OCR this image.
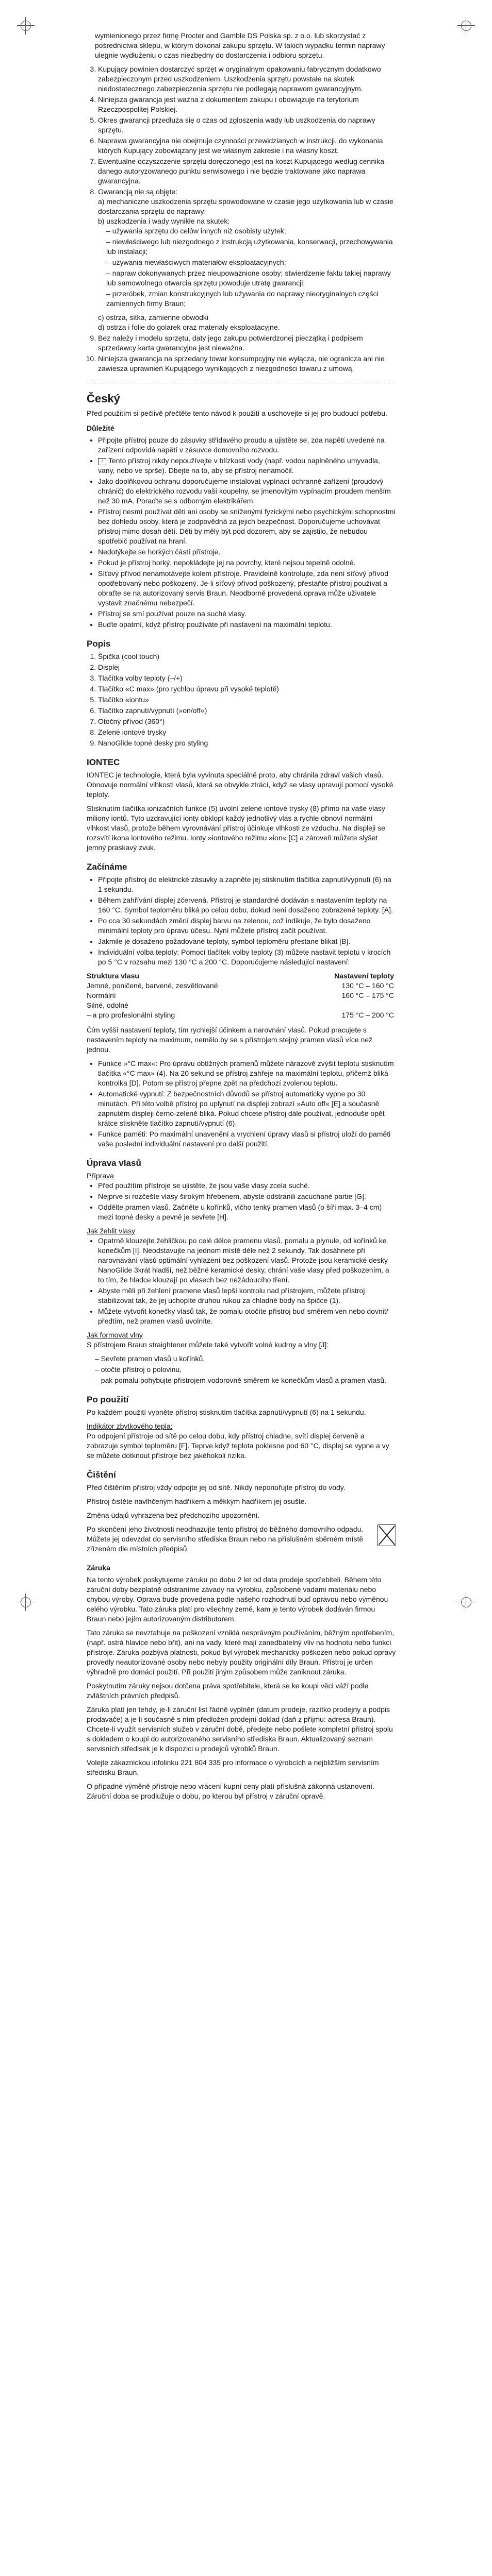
wymienionego przez firmę Procter and Gamble DS Polska sp. z o.o. lub skorzystać z pośrednictwa sklepu, w którym dokonał zakupu sprzętu. W takich wypadku termin naprawy ulegnie wydłużeniu o czas niezbędny do dostarczenia i odbioru sprzętu.

3. Kupujący powinien dostarczyć sprzęt w oryginalnym opakowaniu fabrycznym dodatkowo zabezpieczonym przed uszkodzeniem. Uszkodzenia sprzętu powstałe na skutek niedostatecznego zabezpieczenia sprzętu nie podlegają naprawom gwarancyjnym.
4. Niniejsza gwarancja jest ważna z dokumentem zakupu i obowiązuje na terytorium Rzeczpospolitej Polskiej.
5. Okres gwarancji przedłuża się o czas od zgłoszenia wady lub uszkodzenia do naprawy sprzętu.
6. Naprawa gwarancyjna nie obejmuje czynności przewidzianych w instrukcji, do wykonania których Kupujący zobowiązany jest we własnym zakresie i na własny koszt.
7. Ewentualne oczyszczenie sprzętu doręczonego jest na koszt Kupującego według cennika danego autoryzowanego punktu serwisowego i nie będzie traktowane jako naprawa gwarancyjna.
8. Gwarancją nie są objęte:
a) mechaniczne uszkodzenia sprzętu spowodowane w czasie jego użytkowania lub w czasie dostarczania sprzętu do naprawy;
b) uszkodzenia i wady wynikłe na skutek:
– używania sprzętu do celów innych niż osobisty użytek;
– niewłaściwego lub niezgodnego z instrukcją użytkowania, konserwacji, przechowywania lub instalacji;
– używania niewłaściwych materiałów eksploatacyjnych;
– napraw dokonywanych przez nieupoważnione osoby; stwierdzenie faktu takiej naprawy lub samowolnego otwarcia sprzętu powoduje utratę gwarancji;
– przeróbek, zmian konstrukcyjnych lub używania do naprawy nieoryginalnych części zamiennych firmy Braun;
c) ostrza, sitka, zamienne obwódki
d) ostrza i folie do golarek oraz materiały eksploatacyjne.
9. Bez należy i modelu sprzętu, daty jego zakupu potwierdzonej pieczątką i podpisem sprzedawcy karta gwarancyjna jest nieważna.
10. Niniejsza gwarancja na sprzedany towar konsumpcyjny nie wyłącza, nie ogranicza ani nie zawiesza uprawnień Kupującego wynikających z niezgodności towaru z umową.
Český

Před použitím si pečlivě přečtěte tento návod k použití a uschovejte si jej pro budoucí potřebu.

Důležité
• Připojte přístroj pouze do zásuvky střídavého proudu a ujistěte se, zda napětí uvedené na zařízení odpovídá napětí v zásuvce domovního rozvodu.
• ! Tento přístroj nikdy nepoužívejte v blízkosti vody (např. vodou naplněného umyvadla, vany, nebo ve sprše). Dbejte na to, aby se přístroj nenamočil.
• Jako doplňkovou ochranu doporučujeme instalovat vypínací ochranné zařízení (proudový chránič) do elektrického rozvodu vaší koupelny, se jmenovitým vypínacím proudem menším než 30 mA. Poraďte se s odborným elektrikářem.
• Přístroj nesmí používat děti ani osoby se sníženými fyzickými nebo psychickými schopnostmi bez dohledu osoby, která je zodpovědná za jejich bezpečnost. Doporučujeme uchovávat přístroj mimo dosah dětí. Děti by měly být pod dozorem, aby se zajistilo, že nebudou spotřebič používat na hraní.
• Nedotýkejte se horkých částí přístroje.
• Pokud je přístroj horký, nepokládejte jej na povrchy, které nejsou tepelně odolné.
• Síťový přívod nenamotávejte kolem přístroje. Pravidelně kontrolujte, zda není síťový přívod opotřebovaný nebo poškozený. Je-li síťový přívod poškozený, přestaňte přístroj používat a obraťte se na autorizovaný servis Braun. Neodborně provedená oprava může uživatele vystavit značnému nebezpečí.
• Přístroj se smí používat pouze na suché vlasy.
• Buďte opatrní, když přístroj používáte při nastavení na maximální teplotu.
Popis
1. Špička (cool touch)
2. Displej
3. Tlačítka volby teploty (–/+)
4. Tlačítko «C max» (pro rychlou úpravu při vysoké teplotě)
5. Tlačítko «iontu»
6. Tlačítko zapnutí/vypnutí (»on/off«)
7. Otočný přívod (360°)
8. Zelené iontové trysky
9. NanoGlide topné desky pro styling
IONTEC

IONTEC je technologie, která byla vyvinuta speciálně proto, aby chránila zdraví vašich vlasů. Obnovuje normální vlhkosti vlasů, která se obvykle ztrácí, když se vlasy upravují pomocí vysoké teploty.

Stisknutím tlačítka ionizačních funkce (5) uvolní zelené iontové trysky (8) přímo na vaše vlasy miliony iontů. Tyto uzdravující ionty obklopí každý jednotlivý vlas a rychle obnoví normální vlhkost vlasů, protože během vyrovnávání přístroj účinkuje vlhkosti ze vzduchu. Na displeji se rozsvítí ikona iontového režimu. Ionty »iontového režimu »ion« [C] a zároveň můžete slyšet jemný praskavý zvuk.

Začínáme
• Připojte přístroj do elektrické zásuvky a zapněte jej stisknutím tlačítka zapnutí/vypnutí (6) na 1 sekundu.
• Během zahřívání displej zčervená. Přístroj je standardně dodáván s nastavením teploty na 160 °C. Symbol teploměru bliká po celou dobu, dokud není dosaženo zobrazené teploty. [A].
• Po cca 30 sekundách změní displej barvu na zelenou, což indikuje, že bylo dosaženo minimální teploty pro úpravu účesu. Nyní můžete přístroj začít používat.
• Jakmile je dosaženo požadované teploty, symbol teploměru přestane blikat [B].
• Individuální volba teploty: Pomocí tlačítek volby teploty (3) můžete nastavit teplotu v krocích po 5 °C v rozsahu mezi 130 °C a 200 °C. Doporučujeme následující nastavení:
Struktura vlasu	Nastavení teploty
Jemné, poničené, barvené, zesvětlované	130 °C – 160 °C
Normální	160 °C – 175 °C
Silné, odolné	
– a pro profesionální styling	175 °C – 200 °C

Čím vyšší nastavení teploty, tím rychlejší účinkem a narovnání vlasů. Pokud pracujete s nastavením teploty na maximum, nemělo by se s přístrojem stejný pramen vlasů více než jednou.

• Funkce »°C max«: Pro úpravu obtížných pramenů můžete nárazově zvýšit teplotu stisknutím tlačítka «°C max» (4). Na 20 sekund se přístroj zahřeje na maximální teplotu, přičemž bliká kontrolka [D]. Potom se přístroj přepne zpět na předchozí zvolenou teplotu.
• Automatické vypnutí: Z bezpečnostních důvodů se přístroj automaticky vypne po 30 minutách. Při této volbě přístroj po uplynutí na displeji zobrazí »Auto off« [E] a současně zapnutém displeji černo-zeleně bliká. Pokud chcete přístroj dále používat, jednoduše opět krátce stiskněte tlačítko zapnutí/vypnutí (6).
• Funkce paměti: Po maximální unavenění a vrychlení úpravy vlasů si přístroj uloží do paměti vaše poslední individuální nastavení pro další použití.
Úprava vlasů
Příprava
• Před použitím přístroje se ujistěte, že jsou vaše vlasy zcela suché.
• Nejprve si rozčešte vlasy širokým hřebenem, abyste odstranili zacuchané partie [G].
• Oddělte pramen vlasů. Začněte u kořínků, vlčho tenký pramen vlasů (o šíři max. 3–4 cm) mezi topné desky a pevně je sevřete [H].
Jak žehlit vlasy
• Opatrně klouzejte žehličkou po celé délce pramenu vlasů, pomalu a plynule, od kořínků ke konečkům [I]. Neodstavujte na jednom místě déle než 2 sekundy. Tak dosáhnete při narovnávání vlasů optimální vyhlazení bez poškození vlasů. Protože jsou keramické desky NanoGlide 3krát hladší, než běžné keramické desky, chrání vaše vlasy před poškozením, a to tím, že hladce klouzají po vlasech bez nežádoucího tření.
• Abyste měli při žehlení pramene vlasů lepší kontrolu nad přístrojem, můžete přístroj stabilizovat tak, že jej uchopíte druhou rukou za chladné body na špičce (1).
• Můžete vytvořit konečky vlasů tak, že pomalu otočíte přístroj buď směrem ven nebo dovnitř předtím, než pramen vlasů uvolníte.
Jak formovat vlny

S přístrojem Braun straightener můžete také vytvořit volné kudrny a vlny [J]:

– Sevřete pramen vlasů u kořínků,
– otočte přístroj o polovinu,
– pak pomalu pohybujte přístrojem vodorovně směrem ke konečkům vlasů a pramen vlasů.
Po použití

Po každém použití vypněte přístroj stisknutím tlačítka zapnutí/vypnutí (6) na 1 sekundu.

Indikátor zbytkového tepla:

Po odpojení přístroje od sítě po celou dobu, kdy přístroj chladne, svítí displej červeně a zobrazuje symbol teploměru [F]. Teprve když teplota poklesne pod 60 °C, displej se vypne a vy se můžete dotknout přístroje bez jakéhokoli rizika.

Čištění

Před čištěním přístroj vždy odpojte jej od sítě. Nikdy neponořujte přístroj do vody.

Přístroj čistěte navlhčeným hadříkem a měkkým hadříkem jej osušte.

Změna údajů vyhrazena bez předchozího upozornění.

Po skončení jeho životnosti neodhazujte tento přístroj do běžného domovního odpadu. Můžete jej odevzdat do servisního střediska Braun nebo na příslušném sběrném místě zřízeném dle místních předpisů.

Záruka

Na tento výrobek poskytujeme záruku po dobu 2 let od data prodeje spotřebiteli. Během této záruční doby bezplatně odstraníme závady na výrobku, způsobené vadami materiálu nebo chybou výroby. Oprava bude provedena podle našeho rozhodnutí buď opravou nebo výměnou celého výrobku. Tato záruka platí pro všechny země, kam je tento výrobek dodáván firmou Braun nebo jejím autorizovaným distributorem.

Tato záruka se nevztahuje na poškození vzniklá nesprávným používáním, běžným opotřebením, (např. ostrá hlavice nebo břit), ani na vady, které mají zanedbatelný vliv na hodnotu nebo funkci přístroje. Záruka pozbývá platnosti, pokud byl výrobek mechanicky poškozen nebo pokud opravy provedly neautorizované osoby nebo nebyly použity originální díly Braun. Přístroj je určen výhradně pro domácí použití. Při použití jiným způsobem může zaniknout záruka.

Poskytnutím záruky nejsou dotčena práva spotřebitele, která se ke koupi věci váží podle zvláštních právních předpisů.

Záruka platí jen tehdy, je-li záruční list řádně vyplněn (datum prodeje, razítko prodejny a podpis prodavače) a je-li současně s ním předložen prodejní doklad (daň z příjmu: adresa Braun). Chcete-li využít servisních služeb v záruční době, předejte nebo pošlete kompletní přístroj spolu s dokladem o koupi do autorizovaného servisního střediska Braun. Aktualizovaný seznam servisních středisek je k dispozici u prodejců výrobků Braun.

Volejte zákaznickou infolinku 221 804 335 pro informace o výrobcích a nejbližším servisním středisku Braun.

O případné výměně přístroje nebo vrácení kupní ceny platí příslušná zákonná ustanovení. Záruční doba se prodlužuje o dobu, po kterou byl přístroj v záruční opravě.
